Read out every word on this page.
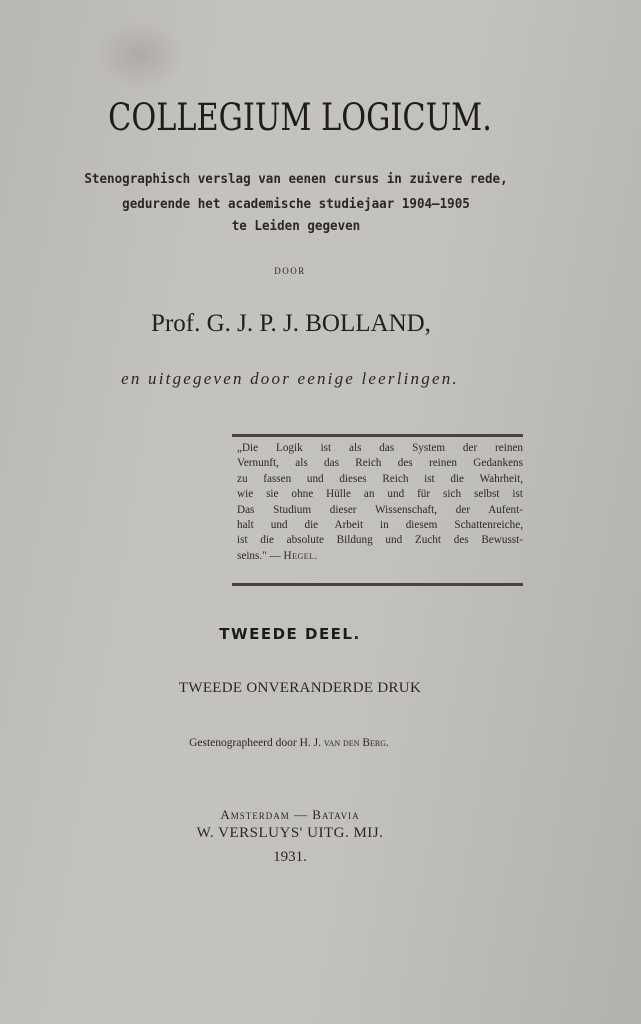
COLLEGIUM LOGICUM.
Stenographisch verslag van eenen cursus in zuivere rede,
gedurende het academische studiejaar 1904—1905
te Leiden gegeven
DOOR
Prof. G. J. P. J. BOLLAND,
en uitgegeven door eenige leerlingen.
„Die Logik ist als das System der reinen
Vernunft, als das Reich des reinen Gedankens
zu fassen und dieses Reich ist die Wahrheit,
wie sie ohne Hülle an und für sich selbst ist
Das Studium dieser Wissenschaft, der Aufent-
halt und die Arbeit in diesem Schattenreiche,
ist die absolute Bildung und Zucht des Bewusst-
seins." — Hegel.
TWEEDE DEEL.
TWEEDE ONVERANDERDE DRUK
Gestenographeerd door H. J. van den Berg.
Amsterdam — Batavia
W. VERSLUYS' UITG. MIJ.
1931.
